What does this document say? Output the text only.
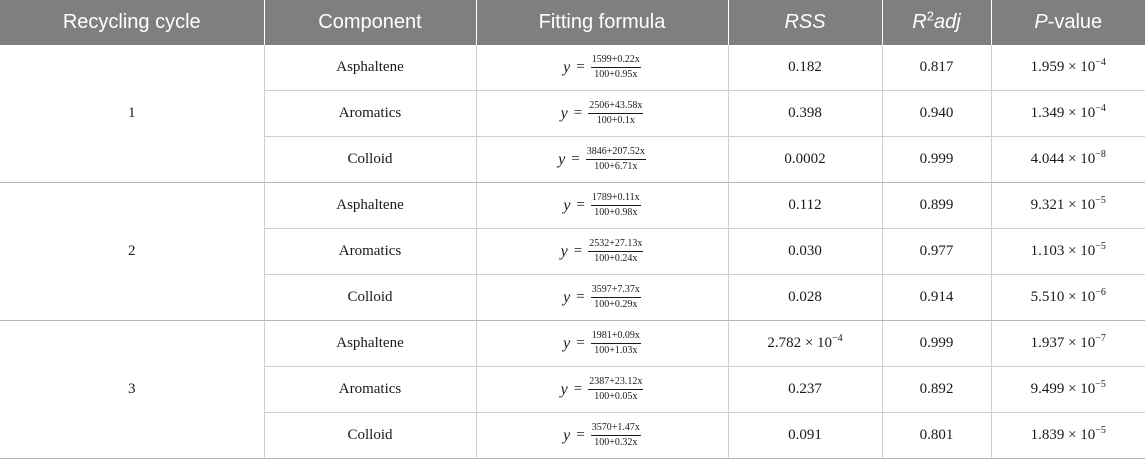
Recycling cycle	Component	Fitting formula	RSS	$R^2adj$	P-value
1	Asphaltene	$y = \frac{1599+0.22x}{100+0.95x}$	0.182	0.817	$1.959 \times 10^{-4}$
	Aromatics	$y = \frac{2506+43.58x}{100+0.1x}$	0.398	0.940	$1.349 \times 10^{-4}$
	Colloid	$y = \frac{3846+207.52x}{100+6.71x}$	0.0002	0.999	$4.044 \times 10^{-8}$
2	Asphaltene	$y = \frac{1789+0.11x}{100+0.98x}$	0.112	0.899	$9.321 \times 10^{-5}$
	Aromatics	$y = \frac{2532+27.13x}{100+0.24x}$	0.030	0.977	$1.103 \times 10^{-5}$
	Colloid	$y = \frac{3597+7.37x}{100+0.29x}$	0.028	0.914	$5.510 \times 10^{-6}$
3	Asphaltene	$y = \frac{1981+0.09x}{100+1.03x}$	$2.782 \times 10^{-4}$	0.999	$1.937 \times 10^{-7}$
	Aromatics	$y = \frac{2387+23.12x}{100+0.05x}$	0.237	0.892	$9.499 \times 10^{-5}$
	Colloid	$y = \frac{3570+1.47x}{100+0.32x}$	0.091	0.801	$1.839 \times 10^{-5}$
